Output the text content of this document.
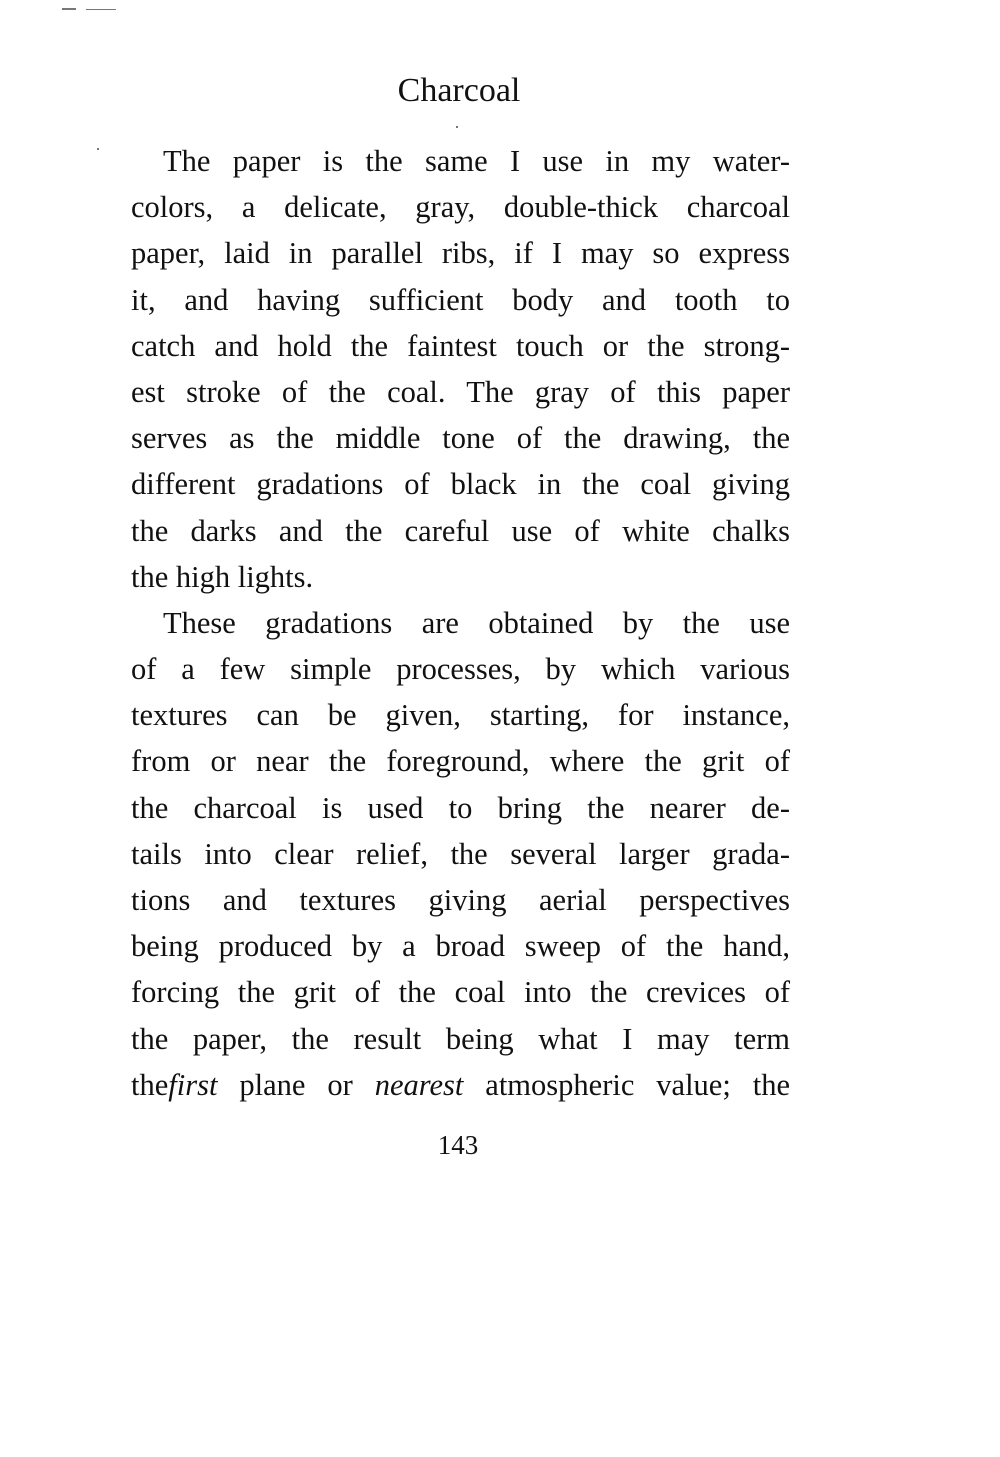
Charcoal
The paper is the same I use in my water-
colors, a delicate, gray, double-thick charcoal
paper, laid in parallel ribs, if I may so express
it, and having sufficient body and tooth to
catch and hold the faintest touch or the strong-
est stroke of the coal. The gray of this paper
serves as the middle tone of the drawing, the
different gradations of black in the coal giving
the darks and the careful use of white chalks
the high lights.
These gradations are obtained by the use
of a few simple processes, by which various
textures can be given, starting, for instance,
from or near the foreground, where the grit of
the charcoal is used to bring the nearer de-
tails into clear relief, the several larger grada-
tions and textures giving aerial perspectives
being produced by a broad sweep of the hand,
forcing the grit of the coal into the crevices of
the paper, the result being what I may term
thefirst plane or nearest atmospheric value; the
143
